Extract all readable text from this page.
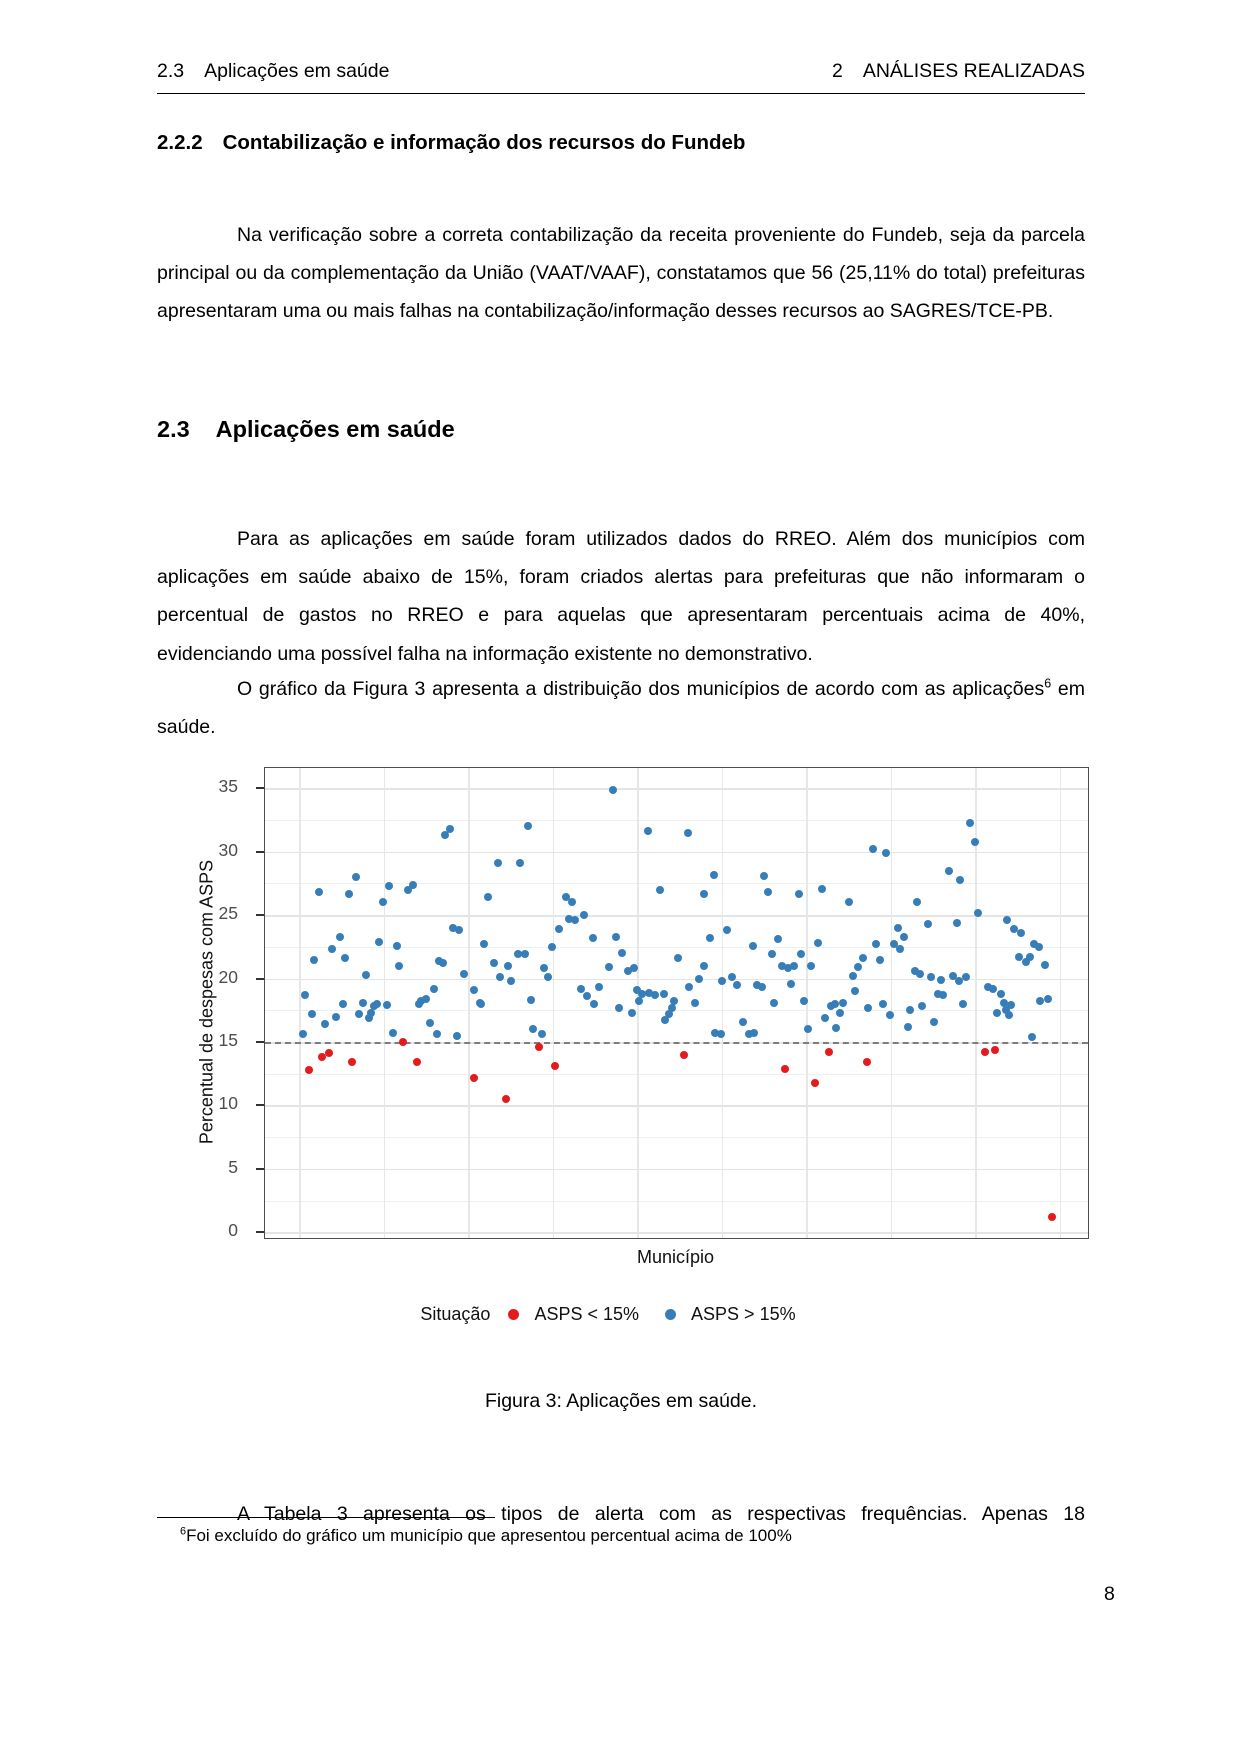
2.3 Aplicações em saúde	2 ANÁLISES REALIZADAS
2.2.2 Contabilização e informação dos recursos do Fundeb

Na verificação sobre a correta contabilização da receita proveniente do Fundeb, seja da parcela principal ou da complementação da União (VAAT/VAAF), constatamos que 56 (25,11% do total) prefeituras apresentaram uma ou mais falhas na contabilização/informação desses recursos ao SAGRES/TCE-PB.

2.3 Aplicações em saúde

Para as aplicações em saúde foram utilizados dados do RREO. Além dos municípios com aplicações em saúde abaixo de 15%, foram criados alertas para prefeituras que não informaram o percentual de gastos no RREO e para aquelas que apresentaram percentuais acima de 40%, evidenciando uma possível falha na informação existente no demonstrativo.

O gráfico da Figura 3 apresenta a distribuição dos municípios de acordo com as aplicações$^6$ em saúde.

Percentual de despesas com ASPS
0
5
10
15
20
25
30
35
Município
Situação ASPS < 15%	ASPS > 15%
Figura 3: Aplicações em saúde.

A Tabela 3 apresenta os tipos de alerta com as respectivas frequências. Apenas 18

$^6$Foi excluído do gráfico um município que apresentou percentual acima de 100%
8
